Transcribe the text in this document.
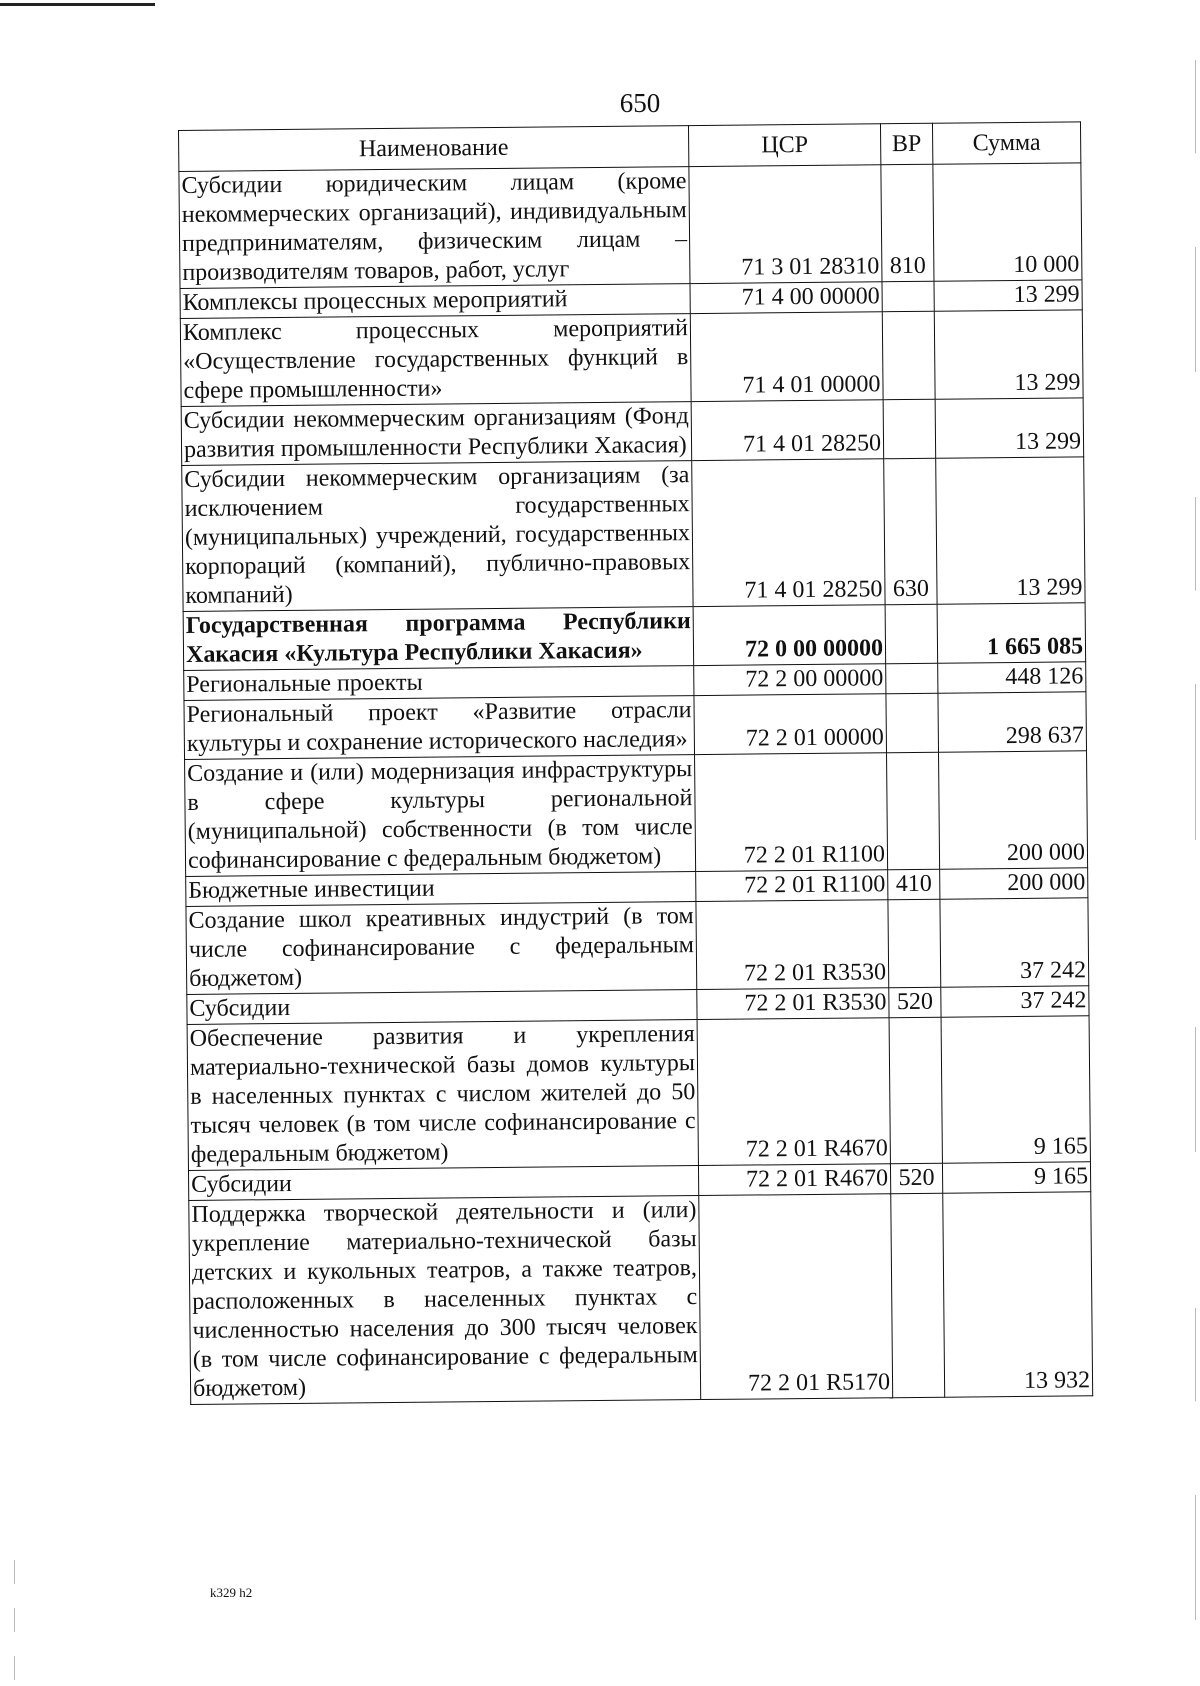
650
Наименование	ЦСР	ВР	Сумма
Субсидии юридическим лицам (кроме некоммерческих организаций), индивидуальным предпринимателям, физическим лицам – производителям товаров, работ, услуг	71 3 01 28310	810	10 000
Комплексы процессных мероприятий	71 4 00 00000		13 299
Комплекс процессных мероприятий «Осуществление государственных функций в сфере промышленности»	71 4 01 00000		13 299
Субсидии некоммерческим организациям (Фонд развития промышленности Республики Хакасия)	71 4 01 28250		13 299
Субсидии некоммерческим организациям (за исключением государственных (муниципальных) учреждений, государственных корпораций (компаний), публично-правовых компаний)	71 4 01 28250	630	13 299
Государственная программа Республики Хакасия «Культура Республики Хакасия»	72 0 00 00000		1 665 085
Региональные проекты	72 2 00 00000		448 126
Региональный проект «Развитие отрасли культуры и сохранение исторического наследия»	72 2 01 00000		298 637
Создание и (или) модернизация инфраструктуры в сфере культуры региональной (муниципальной) собственности (в том числе софинансирование с федеральным бюджетом)	72 2 01 R1100		200 000
Бюджетные инвестиции	72 2 01 R1100	410	200 000
Создание школ креативных индустрий (в том числе софинансирование с федеральным бюджетом)	72 2 01 R3530		37 242
Субсидии	72 2 01 R3530	520	37 242
Обеспечение развития и укрепления материально-технической базы домов культуры в населенных пунктах с числом жителей до 50 тысяч человек (в том числе софинансирование с федеральным бюджетом)	72 2 01 R4670		9 165
Субсидии	72 2 01 R4670	520	9 165
Поддержка творческой деятельности и (или) укрепление материально-технической базы детских и кукольных театров, а также театров, расположенных в населенных пунктах с численностью населения до 300 тысяч человек (в том числе софинансирование с федеральным бюджетом)	72 2 01 R5170		13 932
k329 h2
